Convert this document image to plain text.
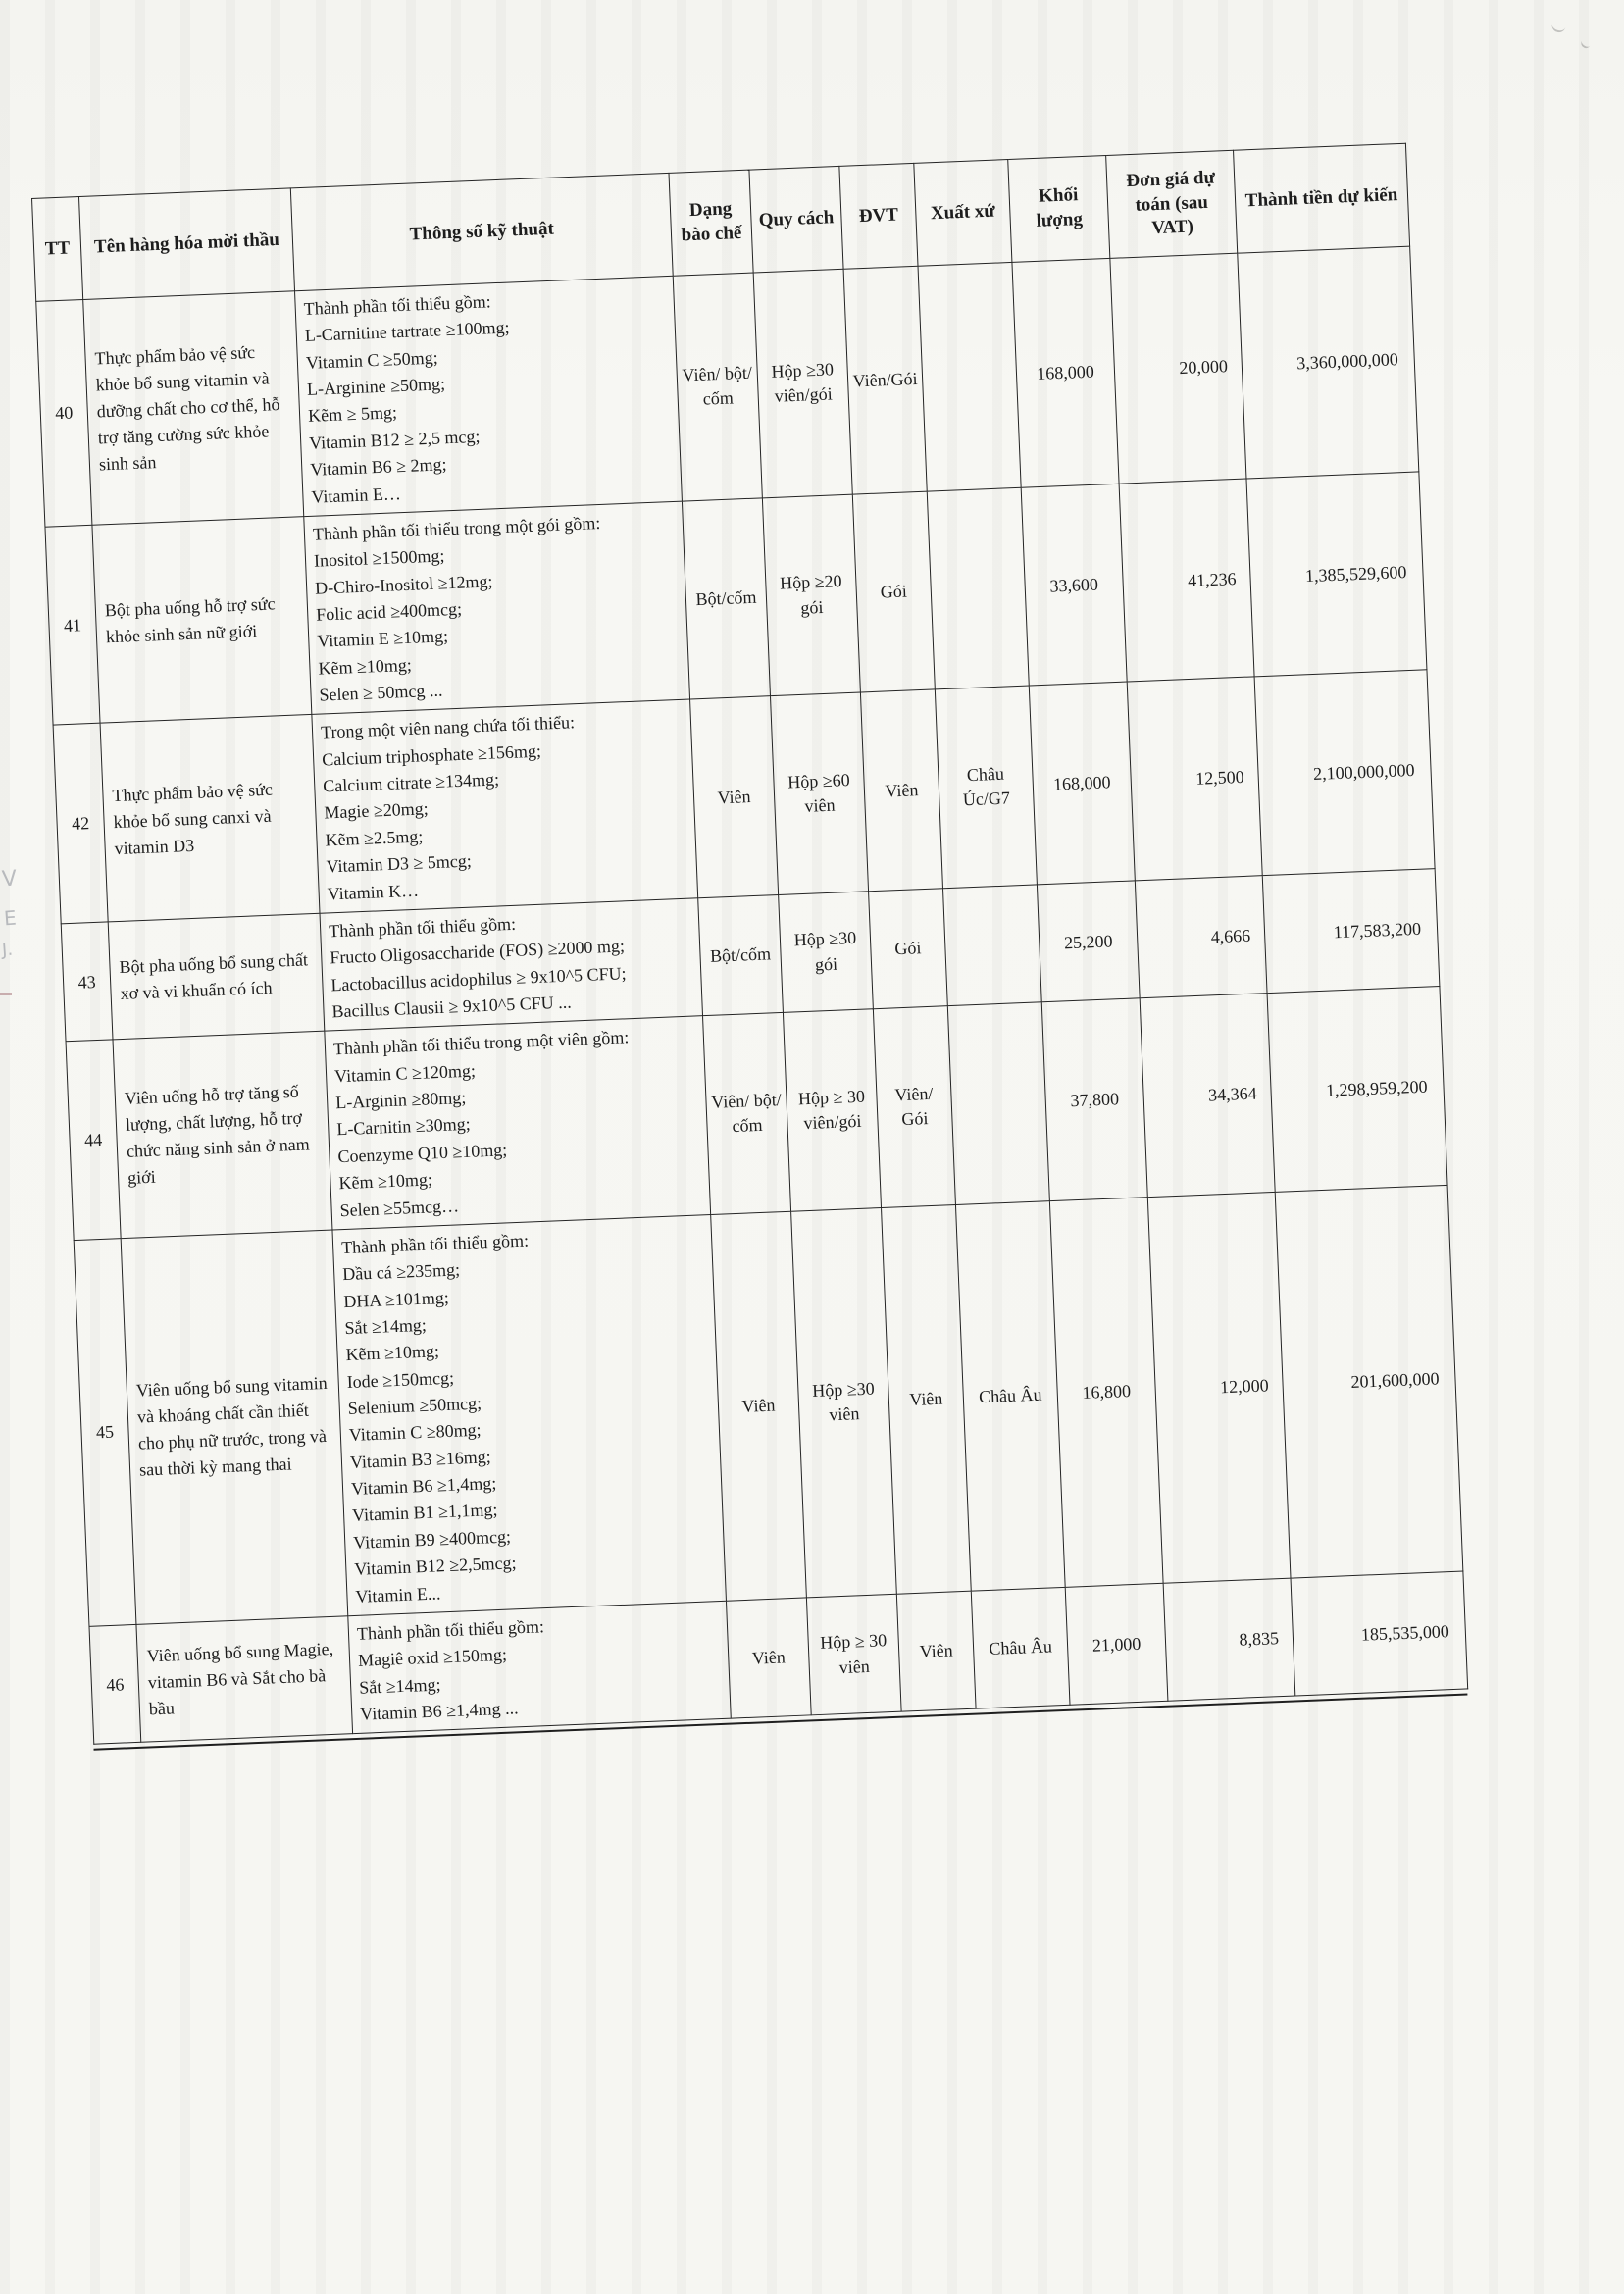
TT	Tên hàng hóa mời thầu	Thông số kỹ thuật	Dạng bào chế	Quy cách	ĐVT	Xuất xứ	Khối lượng	Đơn giá dự toán (sau VAT)	Thành tiền dự kiến
40	Thực phẩm bảo vệ sức khỏe bổ sung vitamin và dưỡng chất cho cơ thể, hỗ trợ tăng cường sức khỏe sinh sản	Thành phần tối thiểu gồm:
L-Carnitine tartrate ≥100mg;
Vitamin C ≥50mg;
L-Arginine ≥50mg;
Kẽm ≥ 5mg;
Vitamin B12 ≥ 2,5 mcg;
Vitamin B6 ≥ 2mg;
Vitamin E…	Viên/ bột/ cốm	Hộp ≥30 viên/gói	Viên/Gói		168,000	20,000	3,360,000,000
41	Bột pha uống hỗ trợ sức khỏe sinh sản nữ giới	Thành phần tối thiểu trong một gói gồm:
Inositol ≥1500mg;
D-Chiro-Inositol ≥12mg;
Folic acid ≥400mcg;
Vitamin E ≥10mg;
Kẽm ≥10mg;
Selen ≥ 50mcg ...	Bột/cốm	Hộp ≥20 gói	Gói		33,600	41,236	1,385,529,600
42	Thực phẩm bảo vệ sức khỏe bổ sung canxi và vitamin D3	Trong một viên nang chứa tối thiểu:
Calcium triphosphate ≥156mg;
Calcium citrate ≥134mg;
Magie ≥20mg;
Kẽm ≥2.5mg;
Vitamin D3 ≥ 5mcg;
Vitamin K…	Viên	Hộp ≥60 viên	Viên	Châu Úc/G7	168,000	12,500	2,100,000,000
43	Bột pha uống bổ sung chất xơ và vi khuẩn có ích	Thành phần tối thiểu gồm:
Fructo Oligosaccharide (FOS) ≥2000 mg;
Lactobacillus acidophilus ≥ 9x10^5 CFU;
Bacillus Clausii ≥ 9x10^5 CFU ...	Bột/cốm	Hộp ≥30 gói	Gói		25,200	4,666	117,583,200
44	Viên uống hỗ trợ tăng số lượng, chất lượng, hỗ trợ chức năng sinh sản ở nam giới	Thành phần tối thiểu trong một viên gồm:
Vitamin C ≥120mg;
L-Arginin ≥80mg;
L-Carnitin ≥30mg;
Coenzyme Q10 ≥10mg;
Kẽm ≥10mg;
Selen ≥55mcg…	Viên/ bột/ cốm	Hộp ≥ 30 viên/gói	Viên/ Gói		37,800	34,364	1,298,959,200
45	Viên uống bổ sung vitamin và khoáng chất cần thiết cho phụ nữ trước, trong và sau thời kỳ mang thai	Thành phần tối thiểu gồm:
Dầu cá ≥235mg;
DHA ≥101mg;
Sắt ≥14mg;
Kẽm ≥10mg;
Iode ≥150mcg;
Selenium ≥50mcg;
Vitamin C ≥80mg;
Vitamin B3 ≥16mg;
Vitamin B6 ≥1,4mg;
Vitamin B1 ≥1,1mg;
Vitamin B9 ≥400mcg;
Vitamin B12 ≥2,5mcg;
Vitamin E...	Viên	Hộp ≥30 viên	Viên	Châu Âu	16,800	12,000	201,600,000
46	Viên uống bổ sung Magie, vitamin B6 và Sắt cho bà bầu	Thành phần tối thiểu gồm:
Magiê oxid ≥150mg;
Sắt ≥14mg;
Vitamin B6 ≥1,4mg ...	Viên	Hộp ≥ 30 viên	Viên	Châu Âu	21,000	8,835	185,535,000
V
E
J.
